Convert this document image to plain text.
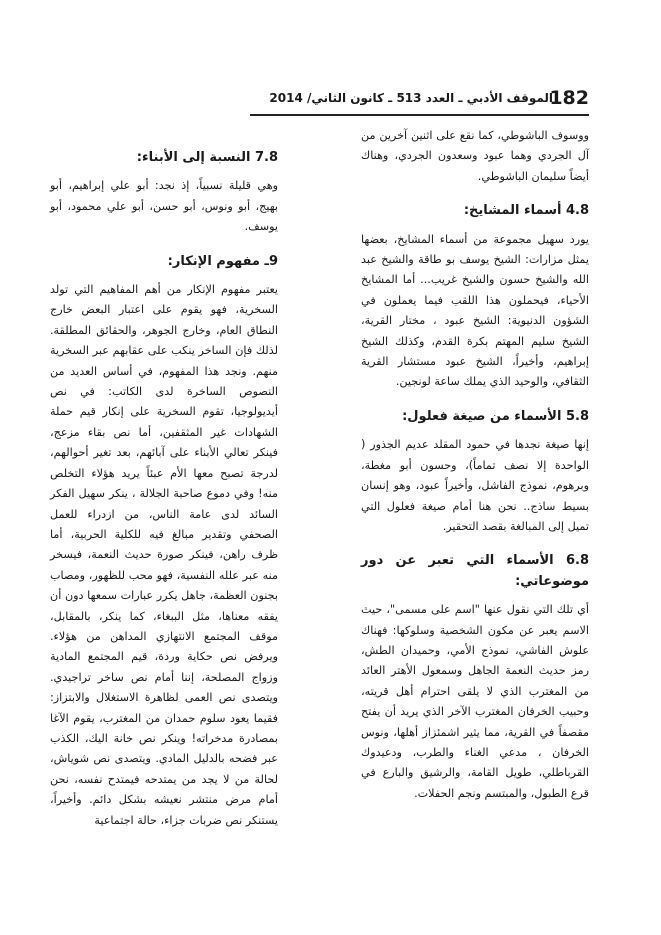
182
الموقف الأدبي ـ العدد 513 ـ كانون الثاني/ 2014

ووسوف الباشوطي، كما نقع على اثنين آخرين من آل الجردي وهما عبود وسعدون الجردي، وهناك أيضاً سليمان الباشوطي.

4.8 أسماء المشايخ:

يورد سهيل مجموعة من أسماء المشايخ، بعضها يمثل مزارات: الشيخ يوسف بو طاقة والشيخ عبد الله والشيخ حسون والشيخ غريب... أما المشايخ الأحياء، فيحملون هذا اللقب فيما يعملون في الشؤون الدنيوية: الشيخ عبود ، مختار القرية، الشيخ سليم المهتم بكرة القدم، وكذلك الشيخ إبراهيم، وأخيراً، الشيخ عبود مستشار القرية الثقافي، والوحيد الذي يملك ساعة لونجين.

5.8 الأسماء من صيغة فعلول:

إنها صيغة نجدها في حمود المقلد عديم الجذور ( الواحدة إلا نصف تماماً)، وحسون أبو مغطة، وبرهوم، نموذج الفاشل، وأخيراً عبود، وهو إنسان بسيط ساذج.. نحن هنا أمام صيغة فعلول التي تميل إلى المبالغة بقصد التحقير.

6.8 الأسماء التي تعبر عن دور موضوعاتي:

أي تلك التي نقول عنها "اسم على مسمى"، حيث الاسم يعبر عن مكون الشخصية وسلوكها: فهناك علوش الفاشي، نموذج الأمي، وحميدان الطش، رمز حديث النعمة الجاهل وسمعول الأهتر العائد من المغترب الذي لا يلقى احترام أهل قريته، وحبيب الخرفان المغترب الآخر الذي يريد أن يفتح مقصفاً في القرية، مما يثير اشمئزاز أهلها، ونوس الخرفان ، مدعي الغناء والطرب، ودعيدوك القرباطلي، طويل القامة، والرشيق والبارع في قرع الطبول، والمبتسم ونجم الحفلات.

7.8 النسبة إلى الأبناء:

وهي قليلة نسبياً، إذ نجد: أبو علي إبراهيم، أبو بهيج، أبو ونوس، أبو حسن، أبو علي محمود، أبو يوسف.

9ـ مفهوم الإنكار:

يعتبر مفهوم الإنكار من أهم المفاهيم التي تولد السخرية، فهو يقوم على اعتبار البعض خارج النطاق العام، وخارج الجوهر، والحقائق المطلقة. لذلك فإن الساخر ينكب على عقابهم عبر السخرية منهم. ونجد هذا المفهوم، في أساس العديد من النصوص الساخرة لدى الكاتب: في نص أيديولوجيا، تقوم السخرية على إنكار قيم حملة الشهادات غير المثقفين، أما نص بقاء مزعج، فينكر تعالي الأبناء على آبائهم، بعد تغير أحوالهم، لدرجة تصبح معها الأم عبئاً يريد هؤلاء التخلص منه! وفي دموع صاحبة الجلالة ، ينكر سهيل الفكر السائد لدى عامة الناس، من ازدراء للعمل الصحفي وتقدير مبالغ فيه للكلية الحربية، أما ظرف راهن، فينكر صورة حديث النعمة، فيسخر منه عبر علله النفسية، فهو محب للظهور، ومصاب بجنون العظمة، جاهل يكرر عبارات سمعها دون أن يفقه معناها، مثل الببغاء، كما ينكر، بالمقابل، موقف المجتمع الانتهازي المداهن من هؤلاء. ويرفض نص حكاية وردة، قيم المجتمع المادية وزواج المصلحة، إننا أمام نص ساخر تراجيدي. ويتصدى نص العمى لظاهرة الاستغلال والابتزاز: فقيما يعود سلوم حمدان من المغترب، يقوم الآغا بمصادرة مدخراته! وينكر نص خانة اليك، الكذب عبر فضحه بالدليل المادي. ويتصدى نص شوياش، لحالة من لا يجد من يمتدحه فيمتدح نفسه، نحن أمام مرض منتشر نعيشه بشكل دائم. وأخيراً، يستنكر نص ضربات جزاء، حالة اجتماعية
